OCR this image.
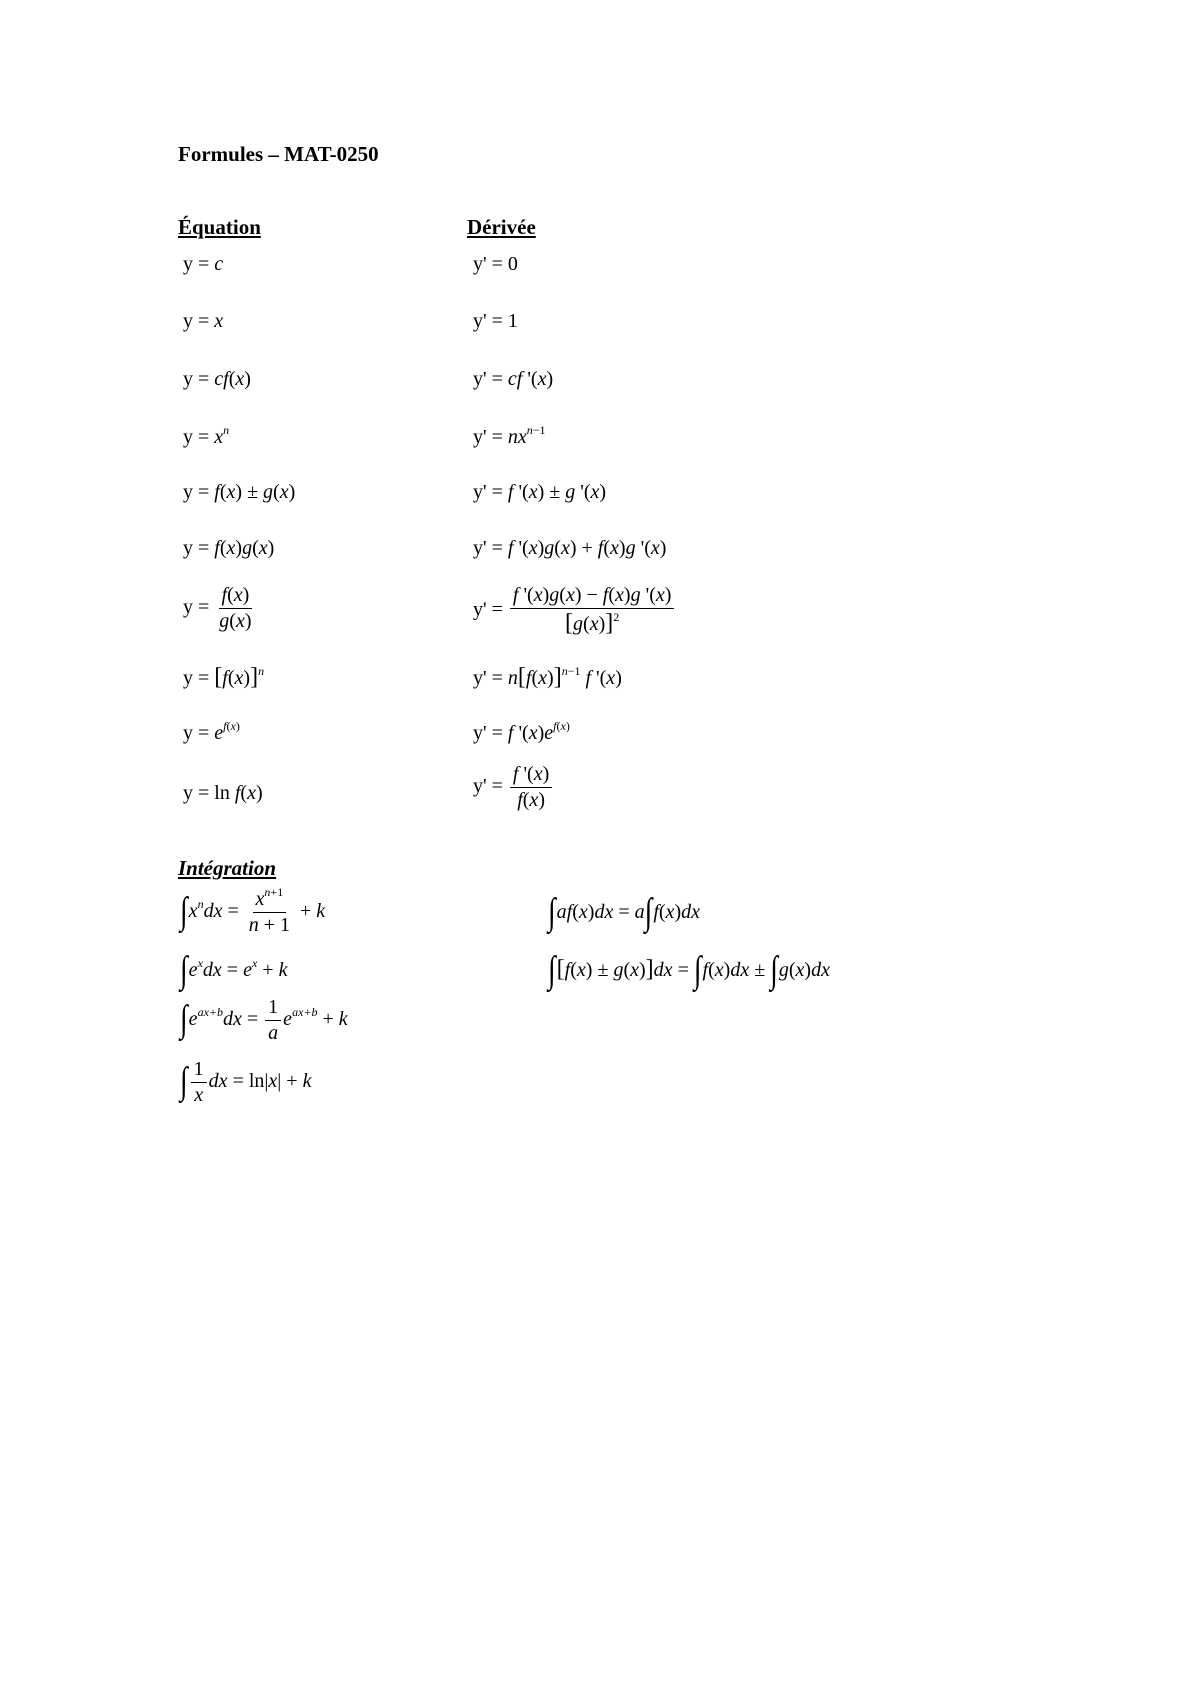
Formules – MAT-0250
Équation	Dérivée
y = c	y' = 0
y = x	y' = 1
y = cf(x)	y' = cf '(x)
$y = x^n$	$y' = nx^{n-1}$
y = f(x) ± g(x)	y' = f '(x) ± g '(x)
y = f(x)g(x)	y' = f '(x)g(x) + f(x)g '(x)
$y = \frac{f(x)}{g(x)}$	$y' = \frac{f '(x)g(x) - f(x)g '(x)}{[g(x)]^2}$
$y = [f(x)]^n$	$y' = n[f(x)]^{n-1}$ f '(x)
$y = e^{f(x)}$	y' = f '$(x)e^{f(x)}$
y = ln f(x)	$y' = \frac{f '(x)}{f(x)}$
Intégration
$\int x^ndx = \frac{x^{n+1}}{n + 1} + k$
$\int e^xdx = e^x + k$
$\int e^{ax+b}dx = \frac{1}{a} e^{ax+b} + k$
∫ $\frac{1}{x}$ dx = ln|x| + k
∫af(x)dx = a∫f(x)dx
∫[f(x) ± g(x)]dx = ∫f(x)dx ± ∫g(x)dx
